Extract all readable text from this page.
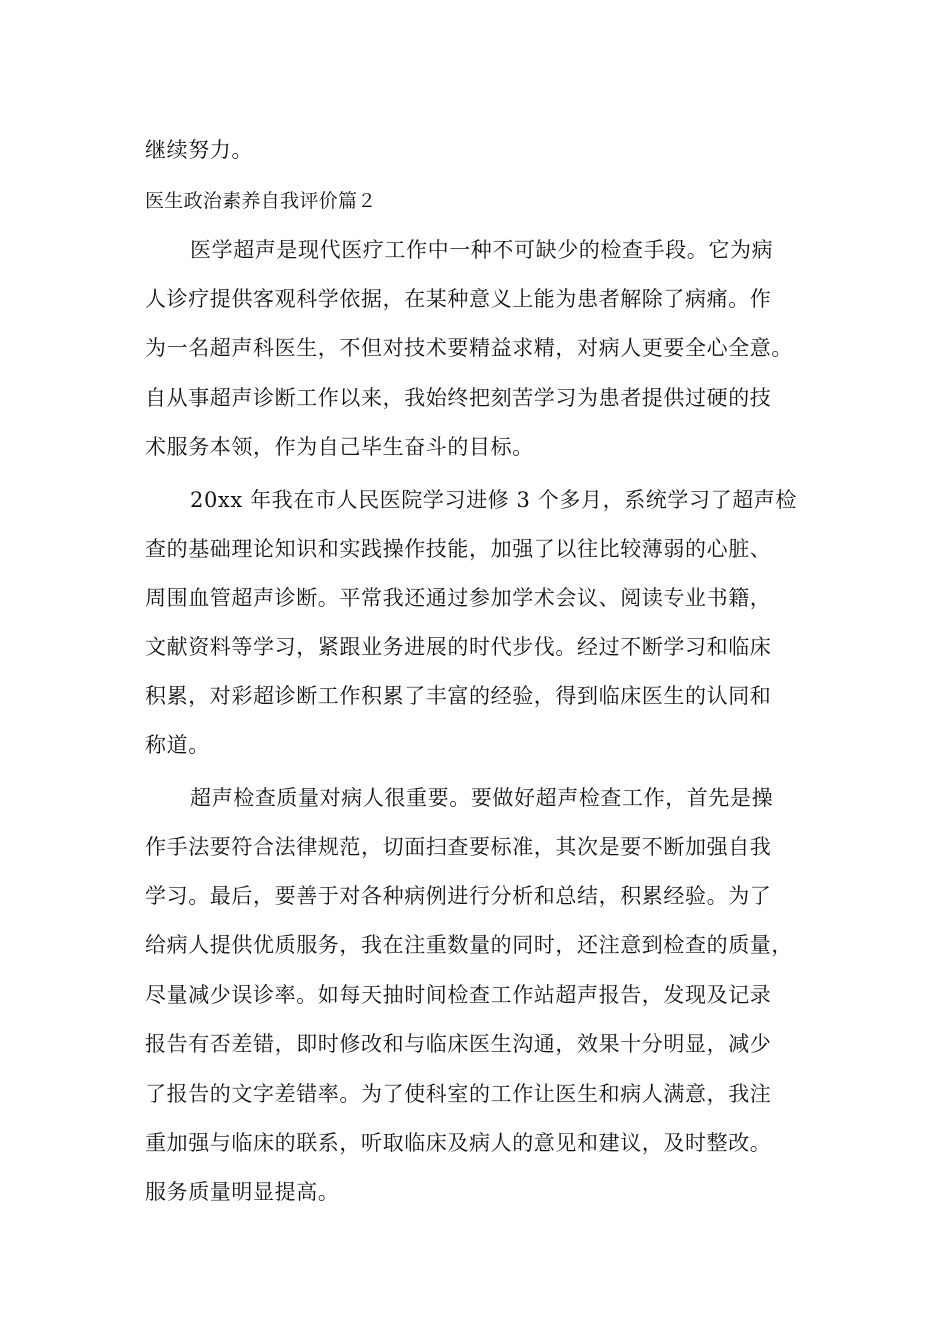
继续努力。
医生政治素养自我评价篇２
医学超声是现代医疗工作中一种不可缺少的检查手段。它为病
人诊疗提供客观科学依据，在某种意义上能为患者解除了病痛。作
为一名超声科医生，不但对技术要精益求精，对病人更要全心全意。
自从事超声诊断工作以来，我始终把刻苦学习为患者提供过硬的技
术服务本领，作为自己毕生奋斗的目标。
20xx 年我在市人民医院学习进修 3 个多月，系统学习了超声检
查的基础理论知识和实践操作技能，加强了以往比较薄弱的心脏、
周围血管超声诊断。平常我还通过参加学术会议、阅读专业书籍，
文献资料等学习，紧跟业务进展的时代步伐。经过不断学习和临床
积累，对彩超诊断工作积累了丰富的经验，得到临床医生的认同和
称道。
超声检查质量对病人很重要。要做好超声检查工作，首先是操
作手法要符合法律规范，切面扫查要标准，其次是要不断加强自我
学习。最后，要善于对各种病例进行分析和总结，积累经验。为了
给病人提供优质服务，我在注重数量的同时，还注意到检查的质量，
尽量减少误诊率。如每天抽时间检查工作站超声报告，发现及记录
报告有否差错，即时修改和与临床医生沟通，效果十分明显，减少
了报告的文字差错率。为了使科室的工作让医生和病人满意，我注
重加强与临床的联系，听取临床及病人的意见和建议，及时整改。
服务质量明显提高。
